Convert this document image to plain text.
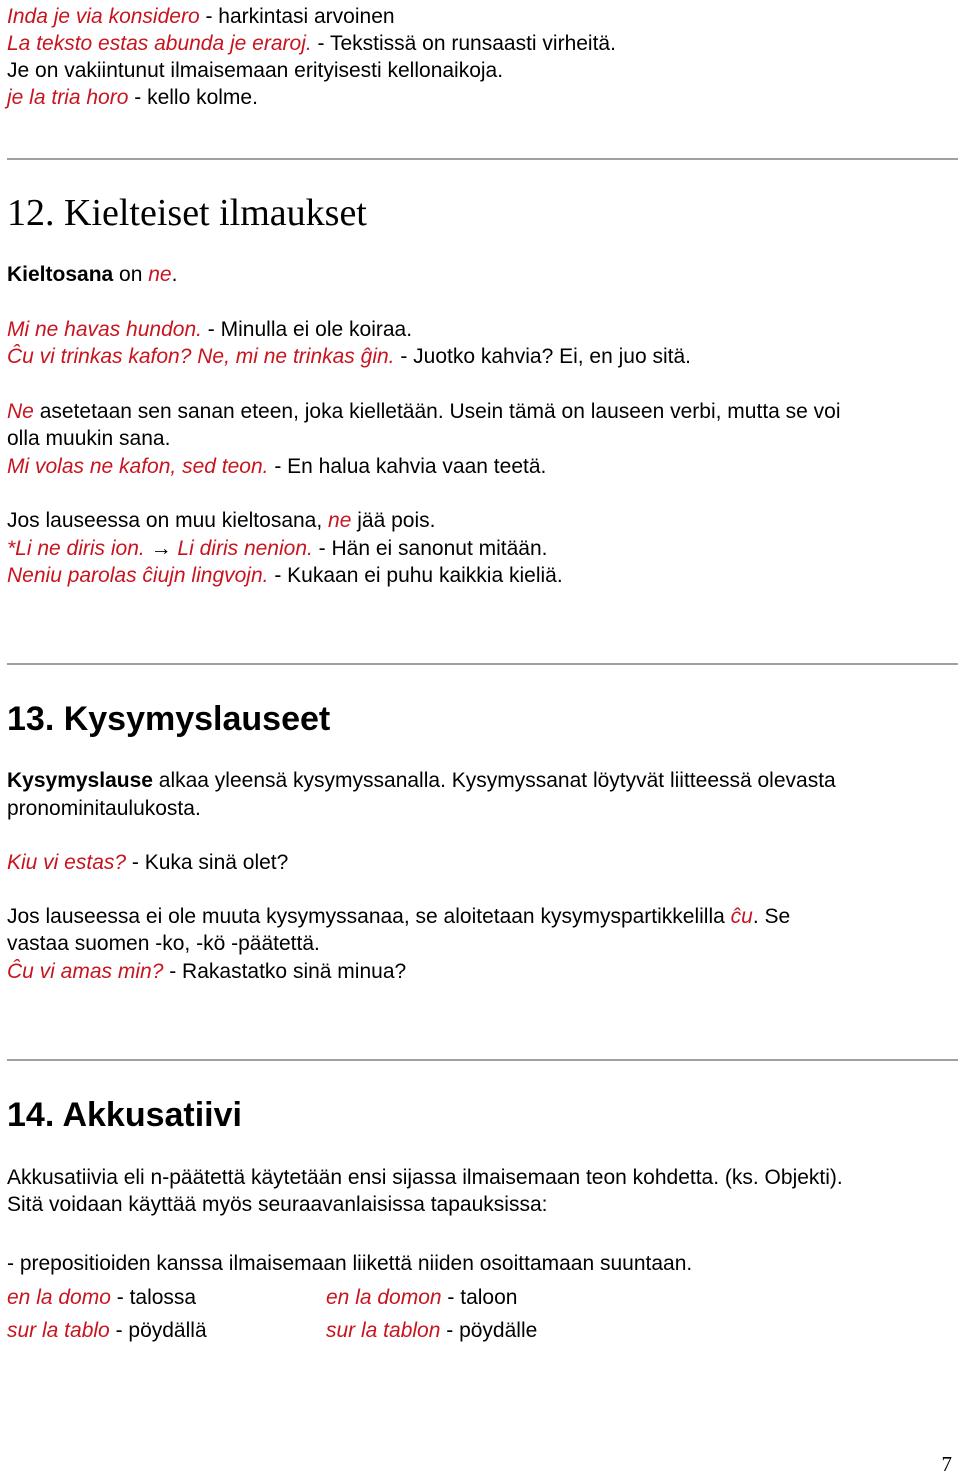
Inda je via konsidero - harkintasi arvoinen
La teksto estas abunda je eraroj. - Tekstissä on runsaasti virheitä.
Je on vakiintunut ilmaisemaan erityisesti kellonaikoja.
je la tria horo - kello kolme.
12. Kielteiset ilmaukset
Kieltosana on ne.
Mi ne havas hundon. - Minulla ei ole koiraa.
Ĉu vi trinkas kafon? Ne, mi ne trinkas ĝin. - Juotko kahvia? Ei, en juo sitä.
Ne asetetaan sen sanan eteen, joka kielletään. Usein tämä on lauseen verbi, mutta se voi
olla muukin sana.
Mi volas ne kafon, sed teon. - En halua kahvia vaan teetä.
Jos lauseessa on muu kieltosana, ne jää pois.
*Li ne diris ion. → Li diris nenion. - Hän ei sanonut mitään.
Neniu parolas ĉiujn lingvojn. - Kukaan ei puhu kaikkia kieliä.
13. Kysymyslauseet
Kysymyslause alkaa yleensä kysymyssanalla. Kysymyssanat löytyvät liitteessä olevasta
pronominitaulukosta.
Kiu vi estas? - Kuka sinä olet?
Jos lauseessa ei ole muuta kysymyssanaa, se aloitetaan kysymyspartikkelilla ĉu. Se
vastaa suomen -ko, -kö -päätettä.
Ĉu vi amas min? - Rakastatko sinä minua?
14. Akkusatiivi
Akkusatiivia eli n-päätettä käytetään ensi sijassa ilmaisemaan teon kohdetta. (ks. Objekti).
Sitä voidaan käyttää myös seuraavanlaisissa tapauksissa:
- prepositioiden kanssa ilmaisemaan liikettä niiden osoittamaan suuntaan.
en la domo - talossa	en la domon - taloon
sur la tablo - pöydällä	sur la tablon - pöydälle
7
